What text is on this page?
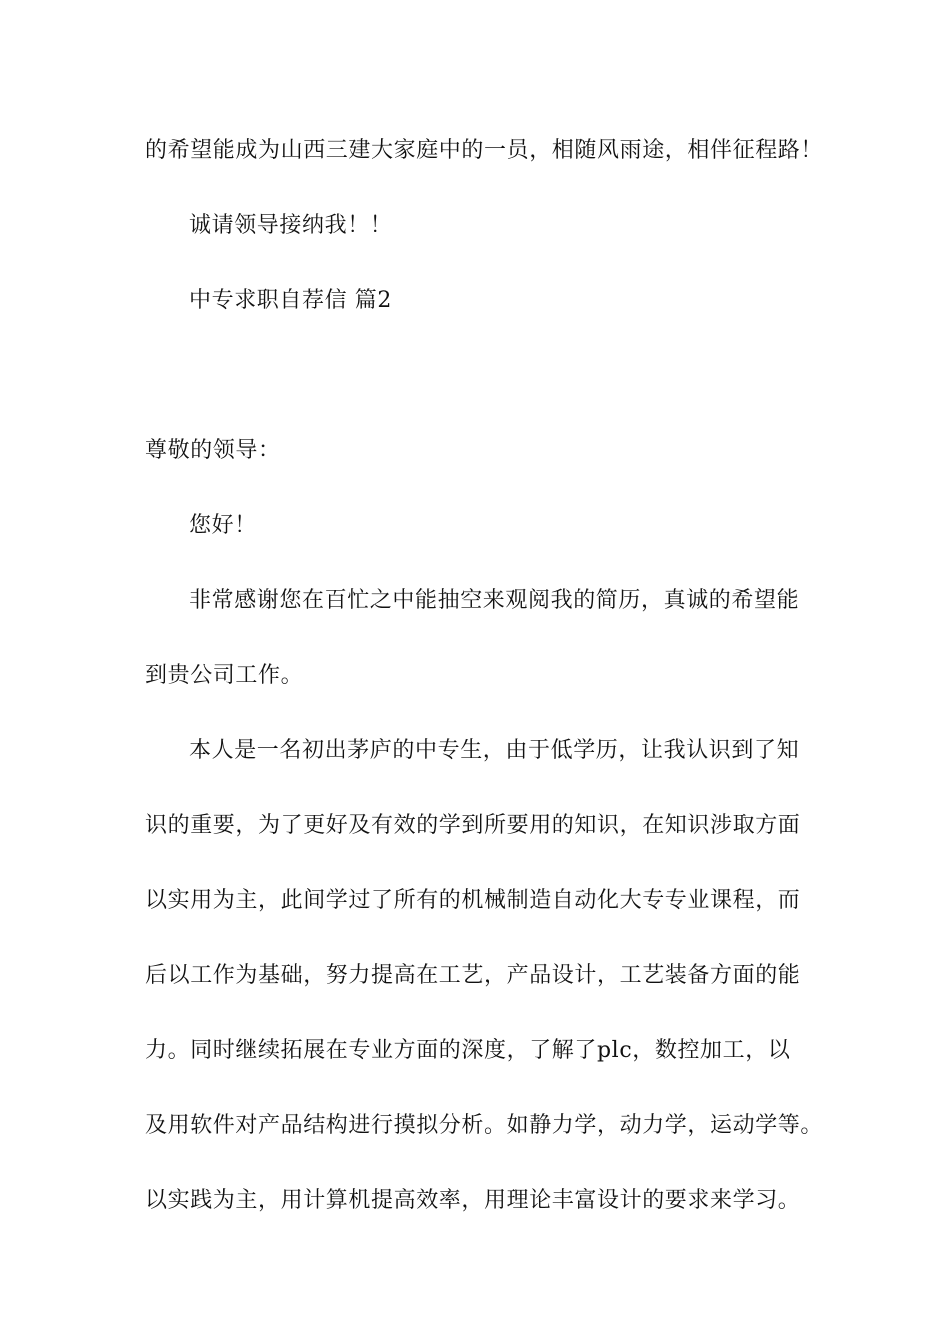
的希望能成为山西三建大家庭中的一员，相随风雨途，相伴征程路！
诚请领导接纳我！！
中专求职自荐信 篇2
尊敬的领导：
您好！
非常感谢您在百忙之中能抽空来观阅我的简历，真诚的希望能
到贵公司工作。
本人是一名初出茅庐的中专生，由于低学历，让我认识到了知
识的重要，为了更好及有效的学到所要用的知识，在知识涉取方面
以实用为主，此间学过了所有的机械制造自动化大专专业课程，而
后以工作为基础，努力提高在工艺，产品设计，工艺装备方面的能
力。同时继续拓展在专业方面的深度，了解了plc，数控加工，以
及用软件对产品结构进行摸拟分析。如静力学，动力学，运动学等。
以实践为主，用计算机提高效率，用理论丰富设计的要求来学习。
